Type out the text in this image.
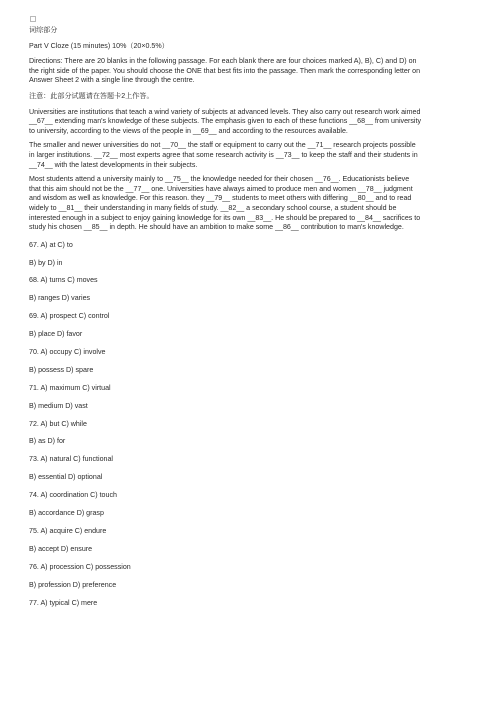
词综部分

Part V Cloze (15 minutes) 10%（20×0.5%）

Directions: There are 20 blanks in the following passage. For each blank there are four choices marked A), B), C) and D) on

the right side of the paper. You should choose the ONE that best fits into the passage. Then mark the corresponding letter on

Answer Sheet 2 with a single line through the centre.

注意：此部分试题请在答题卡2上作答。

Universities are institutions that teach a wind variety of subjects at advanced levels. They also carry out research work aimed

__67__ extending man's knowledge of these subjects. The emphasis given to each of these functions __68__ from university

to university, according to the views of the people in __69__ and according to the resources available.

The smaller and newer universities do not __70__ the staff or equipment to carry out the __71__ research projects possible

in larger institutions. __72__ most experts agree that some research activity is __73__ to keep the staff and their students in

__74__ with the latest developments in their subjects.

Most students attend a university mainly to __75__ the knowledge needed for their chosen __76__. Educationists believe

that this aim should not be the __77__ one. Universities have always aimed to produce men and women __78__ judgment

and wisdom as well as knowledge. For this reason. they __79__ students to meet others with differing __80__ and to read

widely to __81__ their understanding in many fields of study. __82__ a secondary school course, a student should be

interested enough in a subject to enjoy gaining knowledge for its own __83__. He should be prepared to __84__ sacrifices to

study his chosen __85__ in depth. He should have an ambition to make some __86__ contribution to man's knowledge.

67. A) at C) to

B) by D) in

68. A) turns C) moves

B) ranges D) varies

69. A) prospect C) control

B) place D) favor

70. A) occupy C) involve

B) possess D) spare

71. A) maximum C) virtual

B) medium D) vast

72. A) but C) while

B) as D) for

73. A) natural C) functional

B) essential D) optional

74. A) coordination C) touch

B) accordance D) grasp

75. A) acquire C) endure

B) accept D) ensure

76. A) procession C) possession

B) profession D) preference

77. A) typical C) mere
